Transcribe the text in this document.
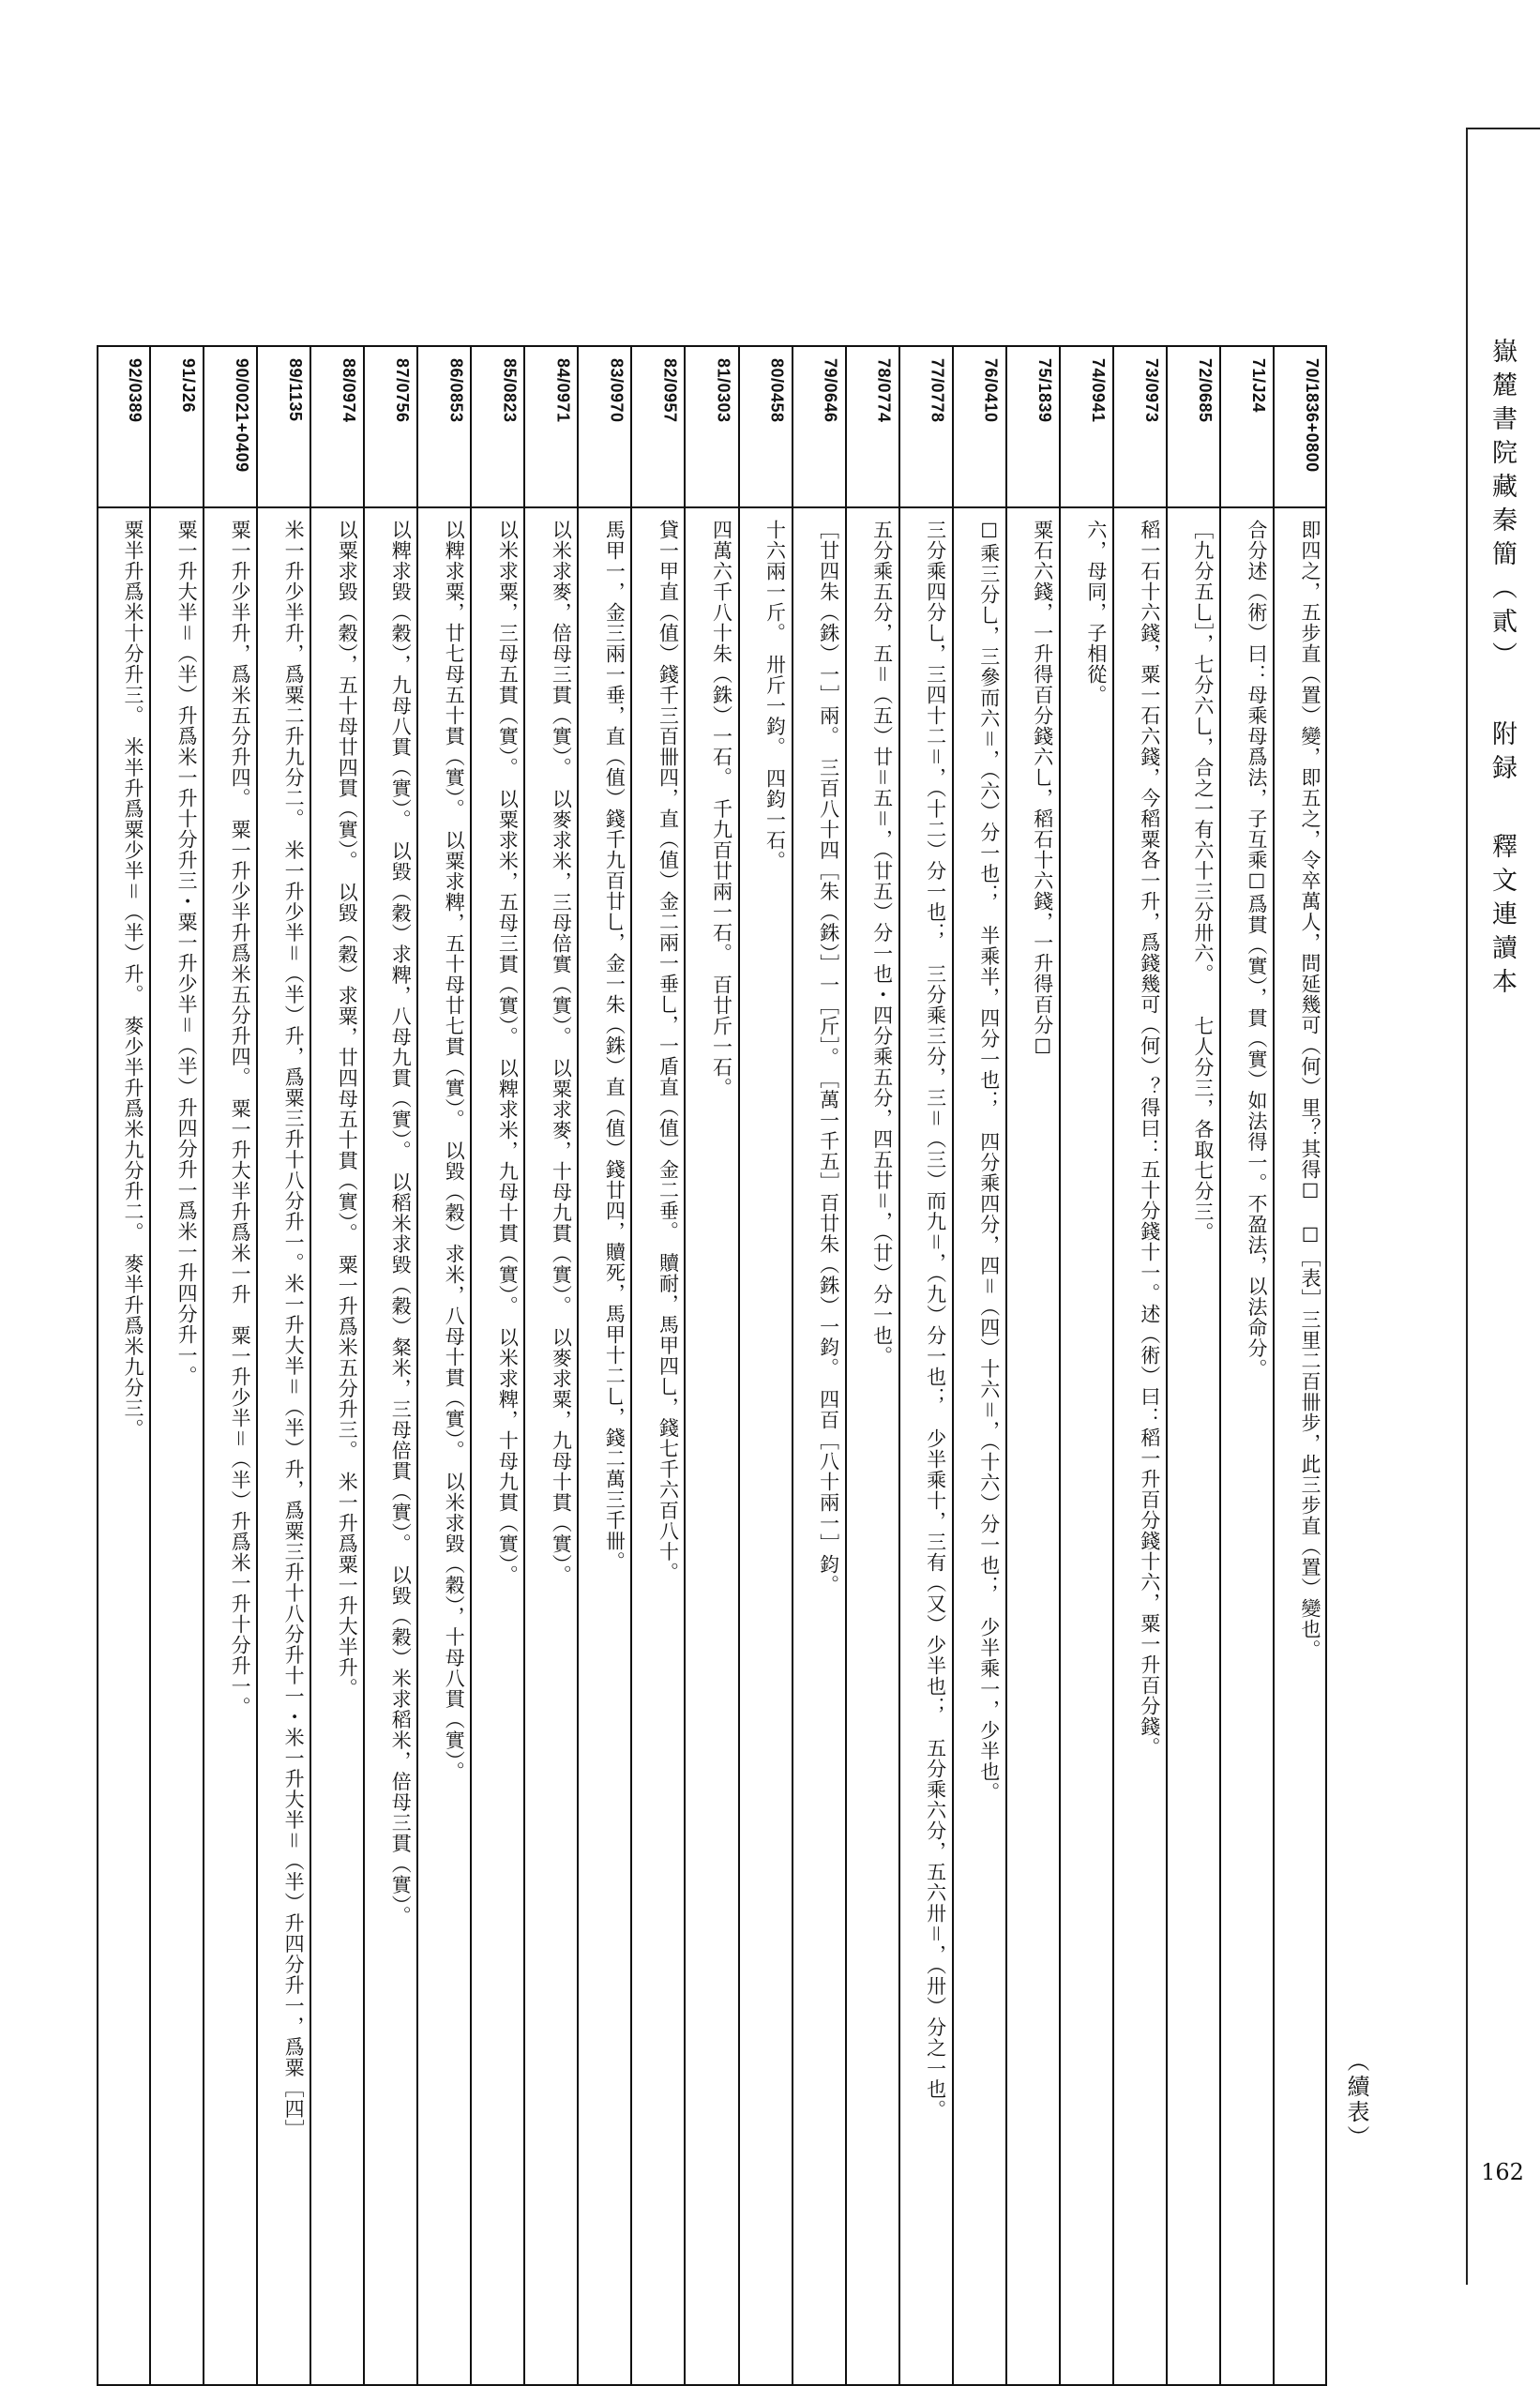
嶽麓書院藏秦簡（貳）附録釋文連讀本
162
（續表）
70/1836+0800
即四之，五步直（置）變，即五之，令卒萬人，問延幾可（何）里？其得☐　☐［表］三里二百卌步，此三步直（置）變也。
71/J24
合分述（術）曰：母乘母爲法，子互乘☐爲貫（實），貫（實）如法得一。不盈法，以法命分。
72/0685
［九分五乚］，七分六乚，合之一有六十三分卅六。　　七人分三，各取七分三。
73/0973
稻一石十六錢，粟一石六錢，今稻粟各一升，爲錢幾可（何）？得曰：五十分錢十一。述（術）曰：稻一升百分錢十六，粟一升百分錢。
74/0941
六，母同，子相從。
75/1839
粟石六錢，一升得百分錢六乚，稻石十六錢，一升得百分☐
76/0410
☐乘三分乚，三參而六＝，（六）分一也；　半乘半，四分一也；　四分乘四分，四＝（四）十六＝，（十六）分一也；　少半乘一，少半也。
77/0778
三分乘四分乚，三四十二＝，（十二）分一也；　三分乘三分，三＝（三）而九＝，（九）分一也；　少半乘十，三有（又）少半也；　五分乘六分，五六卅＝，（卅）分之一也。
78/0774
五分乘五分，五＝（五）廿＝五＝，（廿五）分一也・四分乘五分，四五廿＝，（廿）分一也。
79/0646
［廿四朱（銖）一］兩。　三百八十四［朱（銖）］一［斤］。　［萬一千五］百廿朱（銖）一鈞。　四百［八十兩一］鈞。
80/0458
十六兩一斤。　卅斤一鈞。　四鈞一石。
81/0303
四萬六千八十朱（銖）一石。　千九百廿兩一石。　百廿斤一石。
82/0957
貸一甲直（值）錢千三百卌四，直（值）金二兩一垂乚，一盾直（值）金二垂。　贖耐，馬甲四乚，錢七千六百八十。
83/0970
馬甲一，金三兩一垂，直（值）錢千九百廿乚，金一朱（銖）直（值）錢廿四，贖死，馬甲十二乚，錢二萬三千卌。
84/0971
以米求麥，倍母三貫（實）。　以麥求米，三母倍實（實）。　以粟求麥，十母九貫（實）。　以麥求粟，九母十貫（實）。
85/0823
以米求粟，三母五貫（實）。　以粟求米，五母三貫（實）。　以粺求米，九母十貫（實）。　以米求粺，十母九貫（實）。
86/0853
以粺求粟，廿七母五十貫（實）。　以粟求粺，五十母廿七貫（實）。　以毀（穀）求米，八母十貫（實）。　以米求毀（穀），十母八貫（實）。
87/0756
以粺求毀（穀），九母八貫（實）。　以毀（穀）求粺，八母九貫（實）。　以稻米求毀（穀）粲米，三母倍貫（實）。　以毀（穀）米求稻米，倍母三貫（實）。
88/0974
以粟求毀（穀），五十母廿四貫（實）。　以毀（穀）求粟，廿四母五十貫（實）。　粟一升爲米五分升三。　米一升爲粟一升大半升。
89/1135
米一升少半升，爲粟二升九分二。　米一升少半＝（半）升，爲粟三升十八分升一。米一升大半＝（半）升，爲粟三升十八分升十一・米一升大半＝（半）升四分升一，爲粟［四］
90/0021+0409
粟一升少半升，爲米五分升四。　粟一升少半升爲米五分升四。　粟一升大半升爲米一升　粟一升少半＝（半）升爲米一升十分升一。
91/J26
粟一升大半＝（半）升爲米一升十分升三・粟一升少半＝（半）升四分升一爲米一升四分升一。
92/0389
粟半升爲米十分升三。　米半升爲粟少半＝（半）升。　麥少半升爲米九分升二。　麥半升爲米九分三。
